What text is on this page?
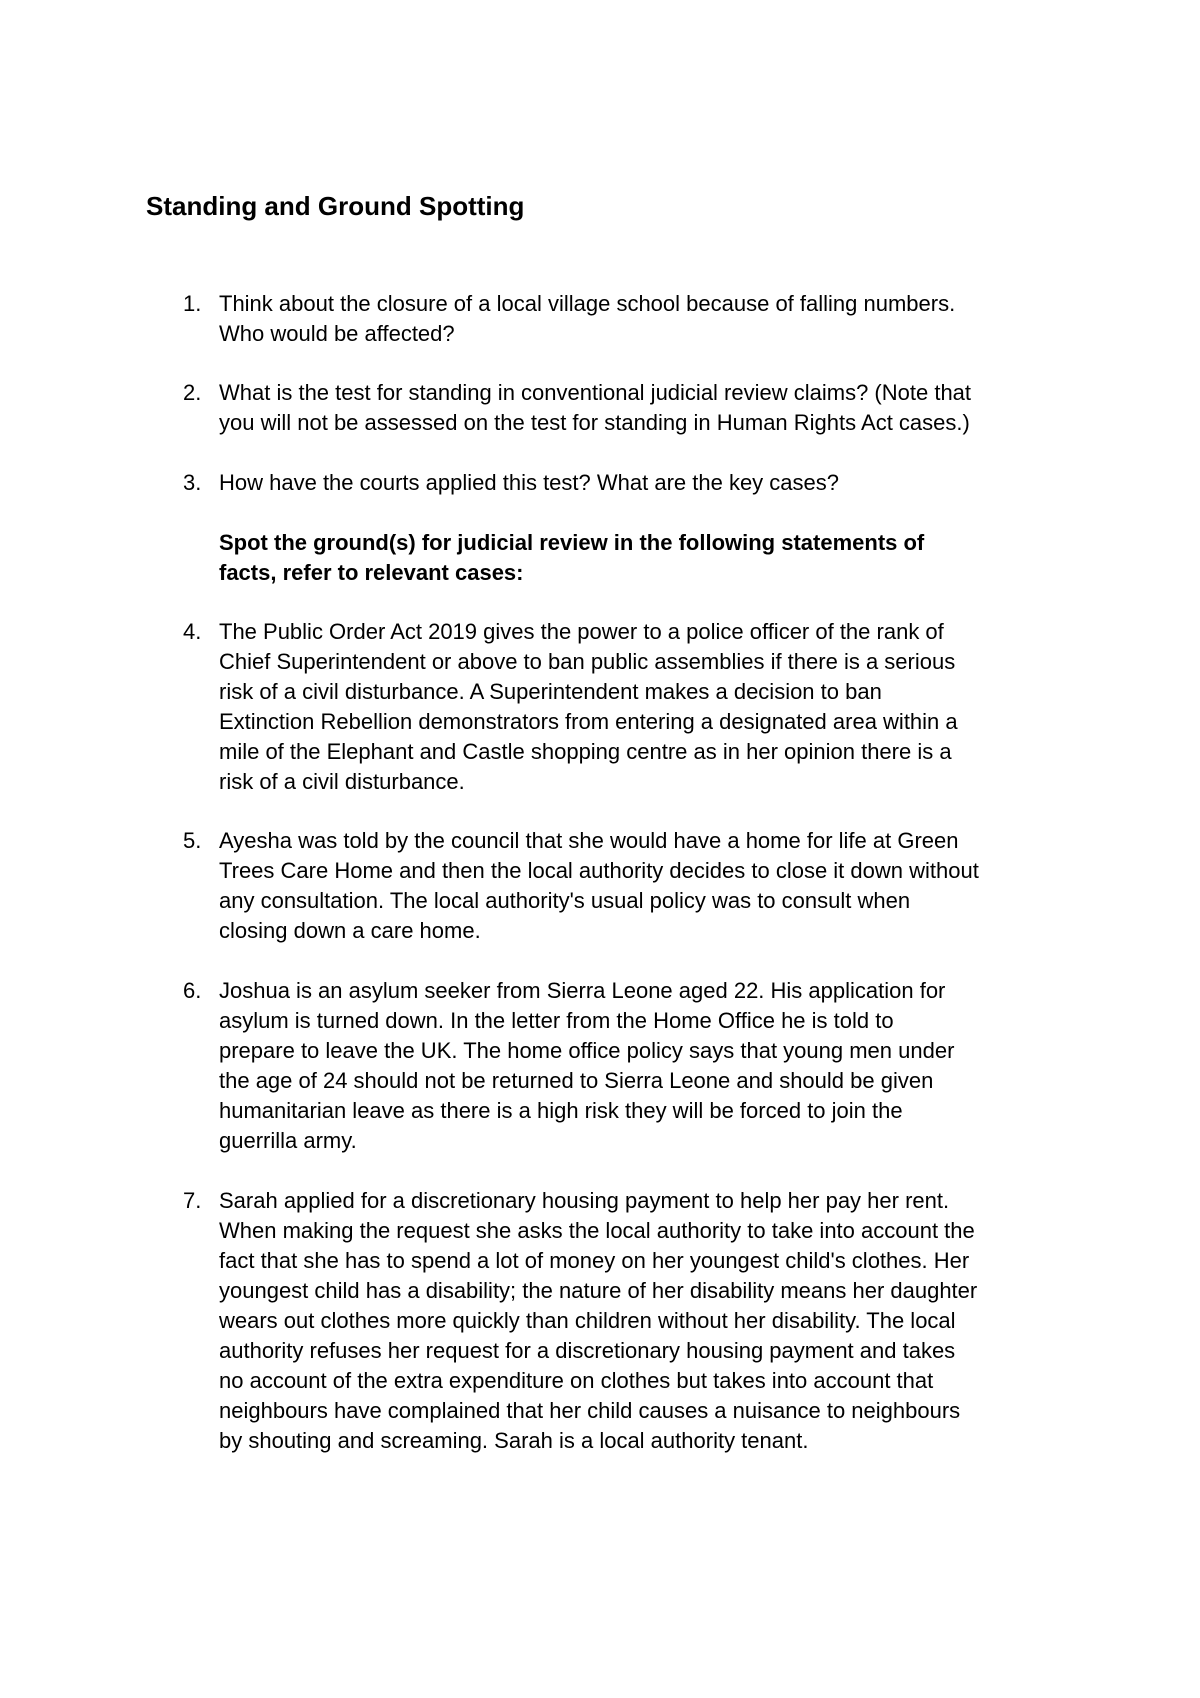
Standing and Ground Spotting
1. Think about the closure of a local village school because of falling numbers.
Who would be affected?
2. What is the test for standing in conventional judicial review claims? (Note that
you will not be assessed on the test for standing in Human Rights Act cases.)
3. How have the courts applied this test? What are the key cases?
Spot the ground(s) for judicial review in the following statements of
facts, refer to relevant cases:
4. The Public Order Act 2019 gives the power to a police officer of the rank of
Chief Superintendent or above to ban public assemblies if there is a serious
risk of a civil disturbance. A Superintendent makes a decision to ban
Extinction Rebellion demonstrators from entering a designated area within a
mile of the Elephant and Castle shopping centre as in her opinion there is a
risk of a civil disturbance.
5. Ayesha was told by the council that she would have a home for life at Green
Trees Care Home and then the local authority decides to close it down without
any consultation. The local authority's usual policy was to consult when
closing down a care home.
6. Joshua is an asylum seeker from Sierra Leone aged 22. His application for
asylum is turned down. In the letter from the Home Office he is told to
prepare to leave the UK. The home office policy says that young men under
the age of 24 should not be returned to Sierra Leone and should be given
humanitarian leave as there is a high risk they will be forced to join the
guerrilla army.
7. Sarah applied for a discretionary housing payment to help her pay her rent.
When making the request she asks the local authority to take into account the
fact that she has to spend a lot of money on her youngest child's clothes. Her
youngest child has a disability; the nature of her disability means her daughter
wears out clothes more quickly than children without her disability. The local
authority refuses her request for a discretionary housing payment and takes
no account of the extra expenditure on clothes but takes into account that
neighbours have complained that her child causes a nuisance to neighbours
by shouting and screaming. Sarah is a local authority tenant.
